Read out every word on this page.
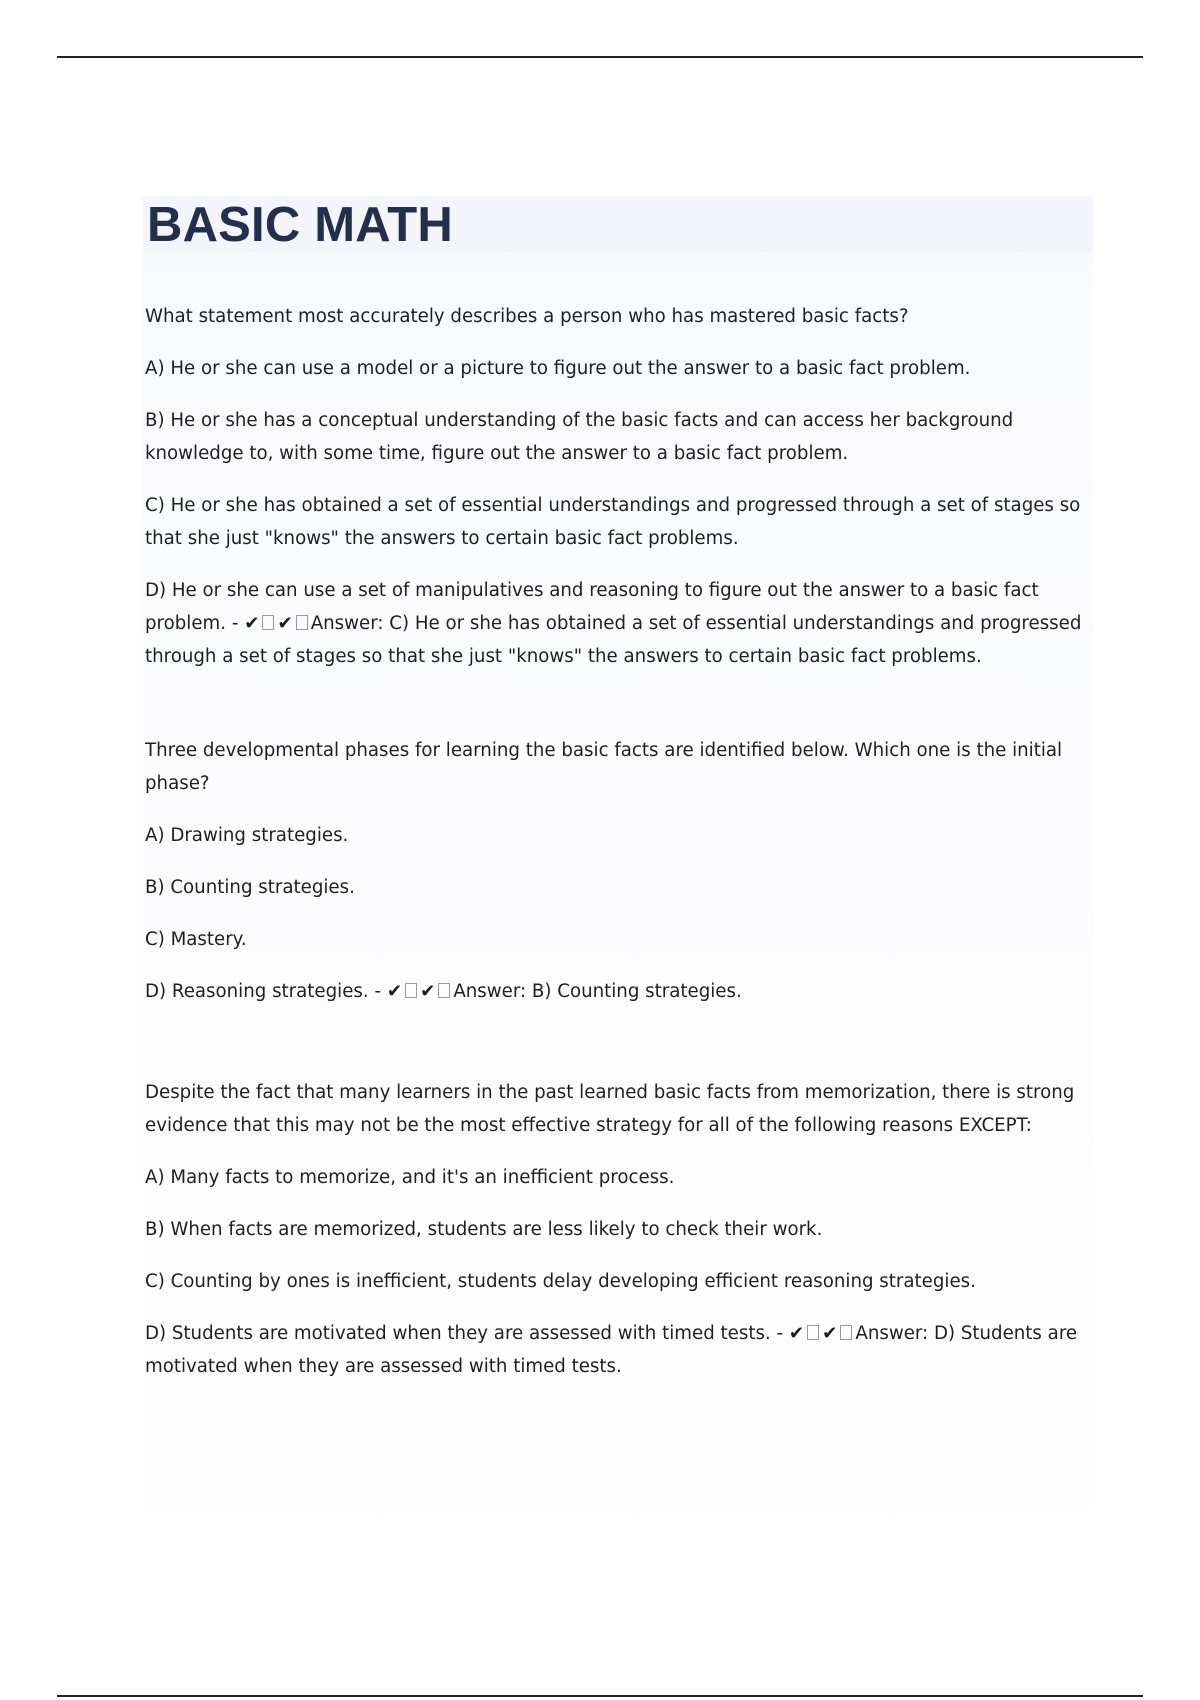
BASIC MATH

What statement most accurately describes a person who has mastered basic facts?

A) He or she can use a model or a picture to figure out the answer to a basic fact problem.

B) He or she has a conceptual understanding of the basic facts and can access her background knowledge to, with some time, figure out the answer to a basic fact problem.

C) He or she has obtained a set of essential understandings and progressed through a set of stages so that she just "knows" the answers to certain basic fact problems.

D) He or she can use a set of manipulatives and reasoning to figure out the answer to a basic fact problem. - ✔ ✔ Answer: C) He or she has obtained a set of essential understandings and progressed through a set of stages so that she just "knows" the answers to certain basic fact problems.

Three developmental phases for learning the basic facts are identified below. Which one is the initial phase?

A) Drawing strategies.

B) Counting strategies.

C) Mastery.

D) Reasoning strategies. - ✔ ✔ Answer: B) Counting strategies.

Despite the fact that many learners in the past learned basic facts from memorization, there is strong evidence that this may not be the most effective strategy for all of the following reasons EXCEPT:

A) Many facts to memorize, and it's an inefficient process.

B) When facts are memorized, students are less likely to check their work.

C) Counting by ones is inefficient, students delay developing efficient reasoning strategies.

D) Students are motivated when they are assessed with timed tests. - ✔ ✔ Answer: D) Students are motivated when they are assessed with timed tests.
